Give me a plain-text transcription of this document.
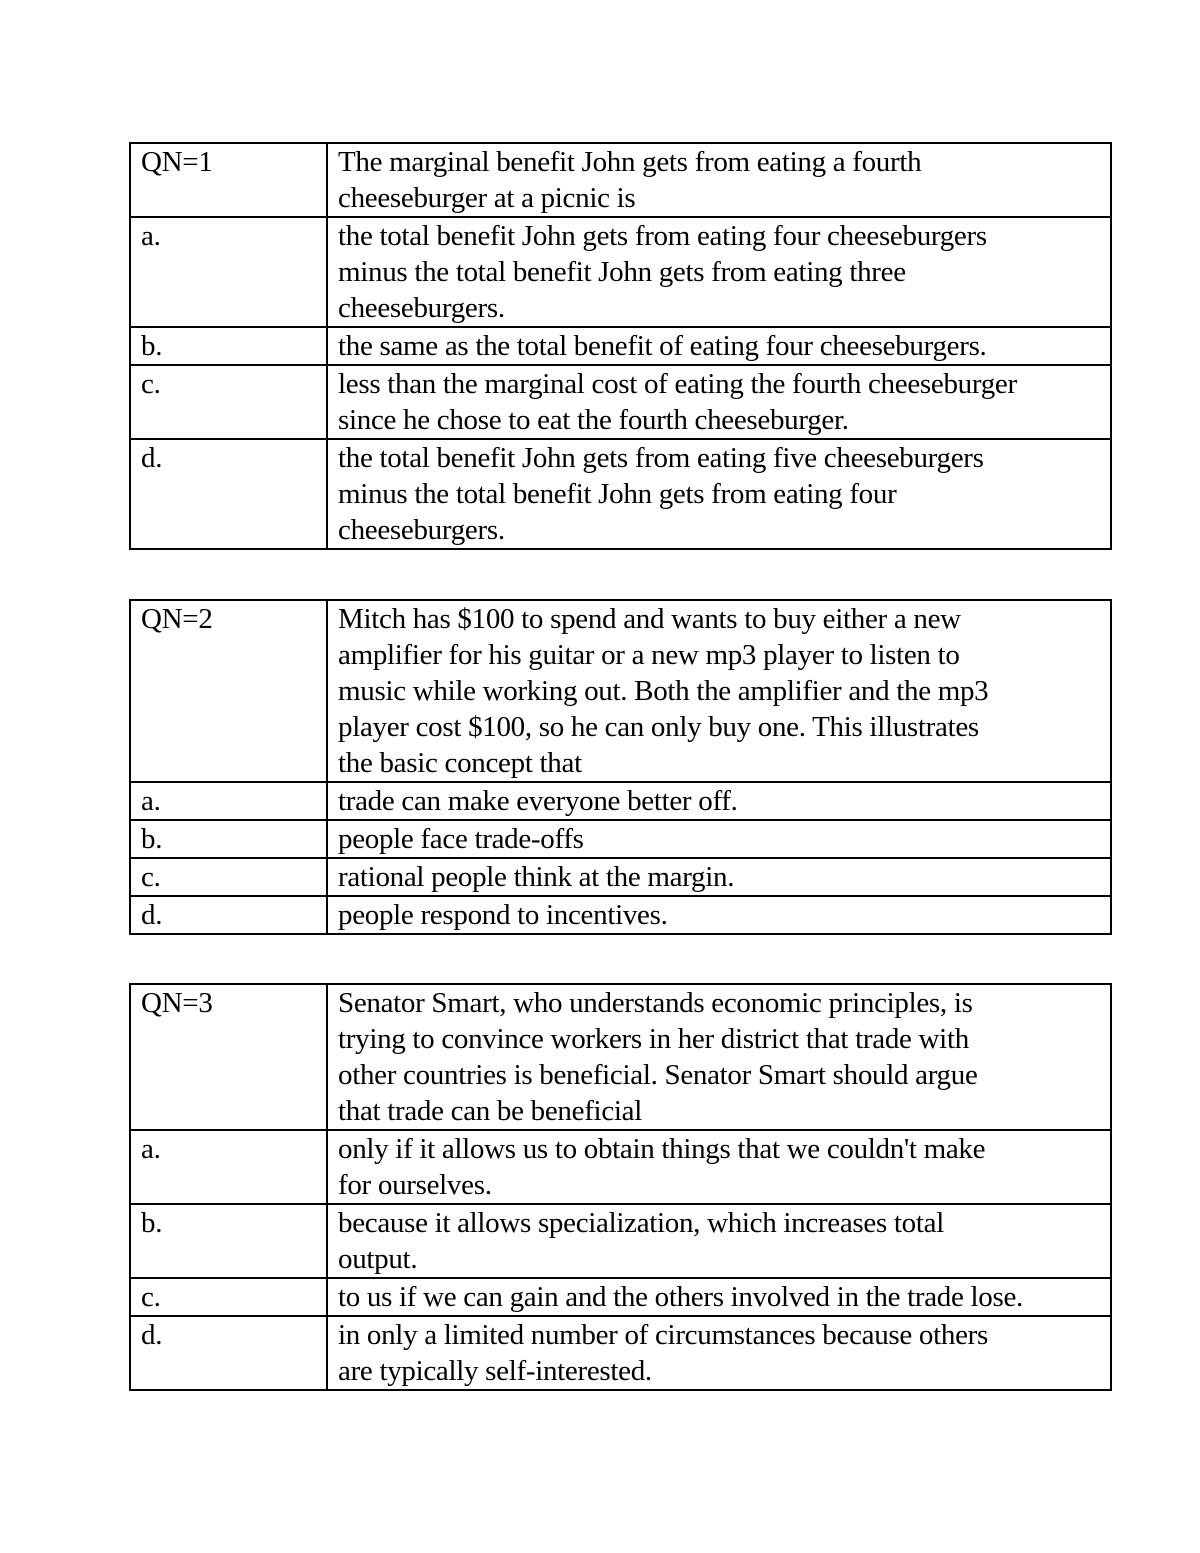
QN=1	The marginal benefit John gets from eating a fourth
cheeseburger at a picnic is
a.	the total benefit John gets from eating four cheeseburgers
minus the total benefit John gets from eating three
cheeseburgers.
b.	the same as the total benefit of eating four cheeseburgers.
c.	less than the marginal cost of eating the fourth cheeseburger
since he chose to eat the fourth cheeseburger.
d.	the total benefit John gets from eating five cheeseburgers
minus the total benefit John gets from eating four
cheeseburgers.
QN=2	Mitch has $100 to spend and wants to buy either a new
amplifier for his guitar or a new mp3 player to listen to
music while working out. Both the amplifier and the mp3
player cost $100, so he can only buy one. This illustrates
the basic concept that
a.	trade can make everyone better off.
b.	people face trade-offs
c.	rational people think at the margin.
d.	people respond to incentives.
QN=3	Senator Smart, who understands economic principles, is
trying to convince workers in her district that trade with
other countries is beneficial. Senator Smart should argue
that trade can be beneficial
a.	only if it allows us to obtain things that we couldn't make
for ourselves.
b.	because it allows specialization, which increases total
output.
c.	to us if we can gain and the others involved in the trade lose.
d.	in only a limited number of circumstances because others
are typically self-interested.
